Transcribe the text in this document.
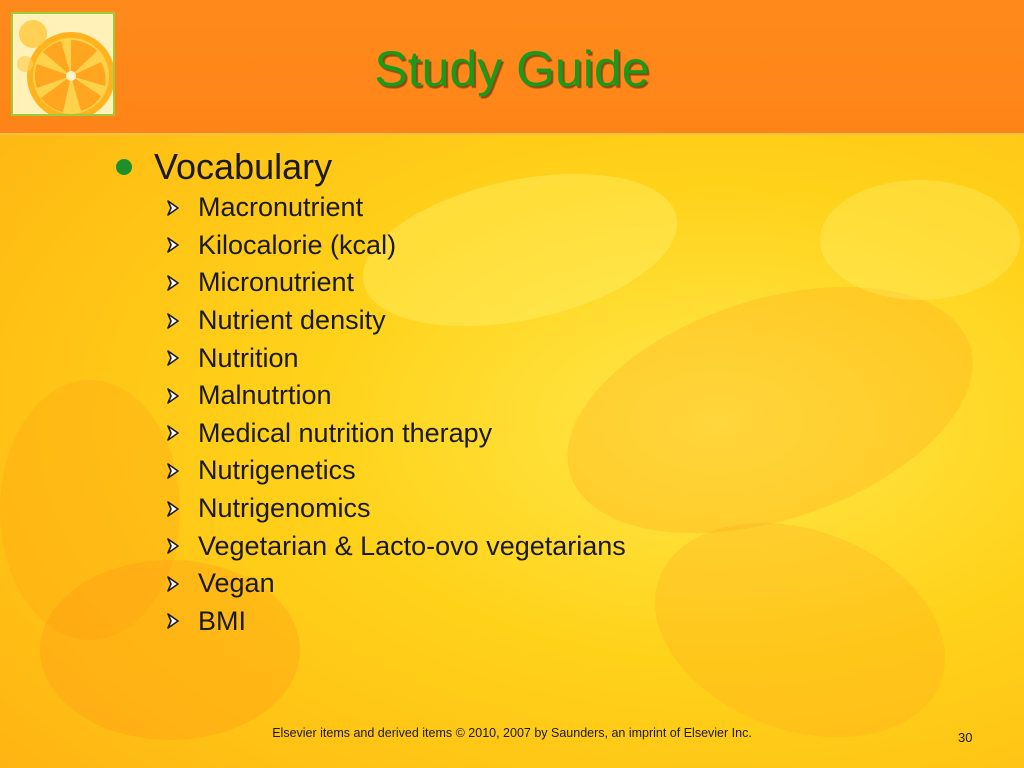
Study Guide
Vocabulary
Macronutrient
Kilocalorie (kcal)
Micronutrient
Nutrient density
Nutrition
Malnutrtion
Medical nutrition therapy
Nutrigenetics
Nutrigenomics
Vegetarian & Lacto-ovo vegetarians
Vegan
BMI
Elsevier items and derived items © 2010, 2007 by Saunders, an imprint of Elsevier Inc.	30
